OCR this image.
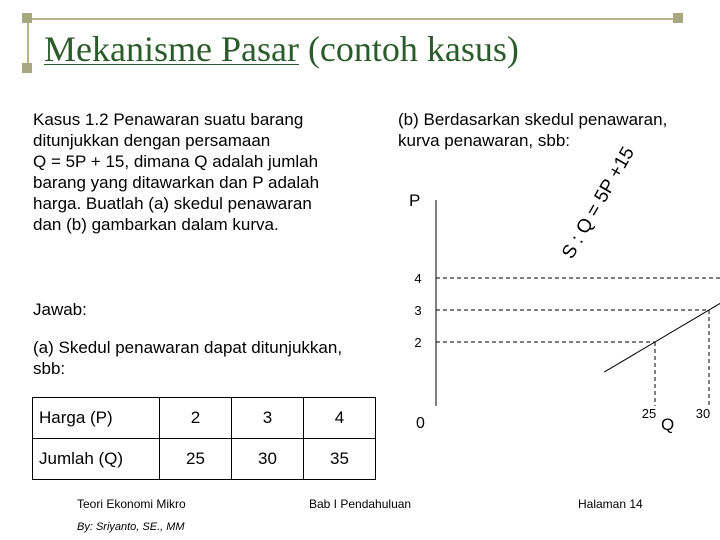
Mekanisme Pasar (contoh kasus)
Kasus 1.2 Penawaran suatu barang
ditunjukkan dengan persamaan
Q = 5P + 15, dimana Q adalah jumlah
barang yang ditawarkan dan P adalah
harga. Buatlah (a) skedul penawaran
dan (b) gambarkan dalam kurva.
Jawab:
(a) Skedul penawaran dapat ditunjukkan,
sbb:
(b) Berdasarkan skedul penawaran,
kurva penawaran, sbb:
Harga (P)	2	3	4
Jumlah (Q)	25	30	35
P
Q
0
25
2
30
3
4
S : Q = 5P +15
Teori Ekonomi Mikro
By: Sriyanto, SE., MM
Bab I Pendahuluan	Halaman 14
